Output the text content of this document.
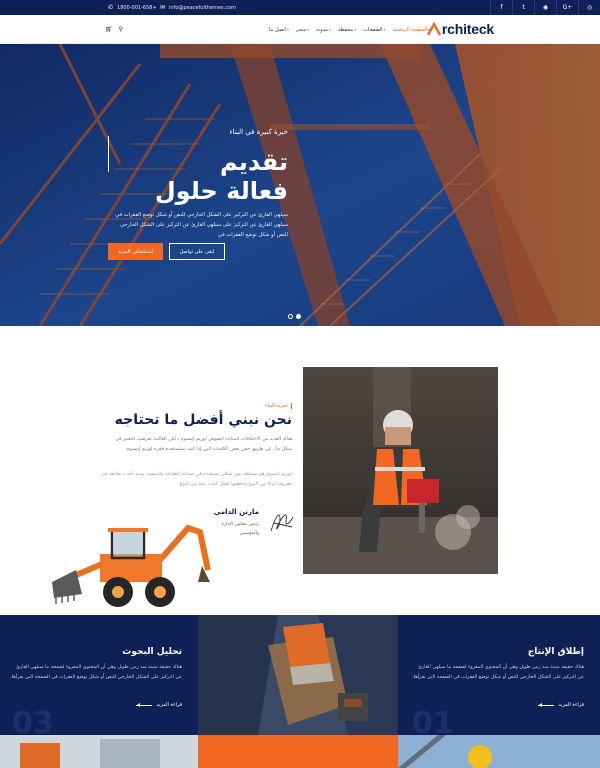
✆ 1800-001-658+ ✉ info@peacefulthemes.com	f	t	◉	G+	◎
rchiteck
الصفحة الرئيسية ▾
الصفحات ▾
محفظة ▾
مدونة ▾
متجر ▾
اتصل بنا ▾
🛒︎ ⚲
خبرة كبيرة في البناء
تقديم
فعالة حلول
سيلهي القارئ عن التركيز على الشكل الخارجي للنص أو شكل توضع الفقرات في سيلهي القارئ عن التركيز على سيلهي القارئ عن التركيز على الشكل الخارجي للنص أو شكل توضع الفقرات في
استكشاف المزيد	ابقى على تواصل
تجربة البناء
نحن نبني أفضل ما تحتاجه

هناك العديد من الاختلافات المتاحة لنصوص لوريم إيبسوم ، لكن الغالبية تعرضت للتغيير في شكل ما ، عن طريق حقن بعض الكلمات التي إذا كنت ستستخدم فقرة لوريم إيبسوم

لوريم إيبسوم هو ببساطة نص شكلي يستخدم في صناعة الطباعة والتنضيد. ومنذ أحدث طابعة غير معروفة لوحًا من النوع وخلطتها لعمل كتاب عينة من النوع

مارتن الدامي
رئيس مجلس الإدارة والمؤسس
إطلاق الإنتاج
هناك حقيقة مثبتة منذ زمن طويل وهي أن المحتوى المقروء لصفحة ما سيلهي القارئ عن التركيز على الشكل الخارجي للنص أو شكل توضع الفقرات في الصفحة التي يقرأها.
قراءة المزيد
01
تحليل البحوث
هناك حقيقة مثبتة منذ زمن طويل وهي أن المحتوى المقروء لصفحة ما سيلهي القارئ عن التركيز على الشكل الخارجي للنص أو شكل توضع الفقرات في الصفحة التي يقرأها.
قراءة المزيد
03
